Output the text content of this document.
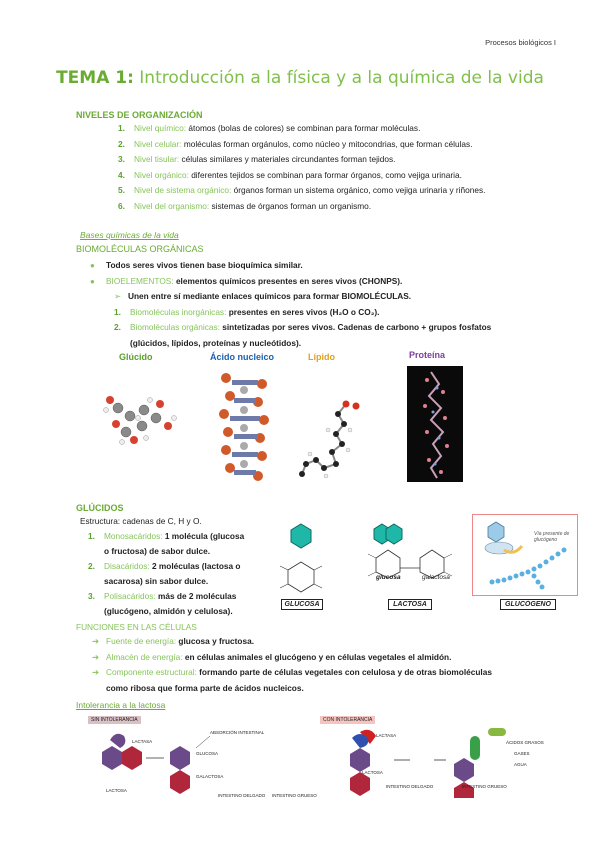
Procesos biológicos I
TEMA 1: Introducción a la física y a la química de la vida
NIVELES DE ORGANIZACIÓN
1. Nivel químico: átomos (bolas de colores) se combinan para formar moléculas.
2. Nivel celular: moléculas forman orgánulos, como núcleo y mitocondrias, que forman células.
3. Nivel tisular: células similares y materiales circundantes forman tejidos.
4. Nivel orgánico: diferentes tejidos se combinan para formar órganos, como vejiga urinaria.
5. Nivel de sistema orgánico: órganos forman un sistema orgánico, como vejiga urinaria y riñones.
6. Nivel del organismo: sistemas de órganos forman un organismo.
Bases químicas de la vida
BIOMOLÉCULAS ORGÁNICAS
● Todos seres vivos tienen base bioquímica similar.
● BIOELEMENTOS: elementos químicos presentes en seres vivos (CHONPS).
➢ Unen entre sí mediante enlaces químicos para formar BIOMOLÉCULAS.
1. Biomoléculas inorgánicas: presentes en seres vivos (H₂O o CO₂).
2. Biomoléculas orgánicas: sintetizadas por seres vivos. Cadenas de carbono + grupos fosfatos
(glúcidos, lípidos, proteínas y nucleótidos).
Glúcido	Ácido nucleico	Lípido	Proteína
GLÚCIDOS
Estructura: cadenas de C, H y O.
1. Monosacáridos: 1 molécula (glucosa
o fructosa) de sabor dulce.
2. Disacáridos: 2 moléculas (lactosa o
sacarosa) sin sabor dulce.
3. Polisacáridos: más de 2 moléculas
(glucógeno, almidón y celulosa).
GLUCOSA
glucosa	galactosa
LACTOSA
Vía presente de glucógeno
GLUCÓGENO
FUNCIONES EN LAS CÉLULAS
➔ Fuente de energía: glucosa y fructosa.
➔ Almacén de energía: en células animales el glucógeno y en células vegetales el almidón.
➔ Componente estructural: formando parte de células vegetales con celulosa y de otras biomoléculas
como ribosa que forma parte de ácidos nucleicos.
Intolerancia a la lactosa
SIN INTOLERANCIA
LACTASA
LACTOSA
ABSORCIÓN INTESTINAL
GLUCOSA
GALACTOSA
INTESTINO DELGADO INTESTINO GRUESO
CON INTOLERANCIA
LACTASA
LACTOSA
INTESTINO DELGADO	INTESTINO GRUESO
ÁCIDOS GRASOS
GASES
AGUA
